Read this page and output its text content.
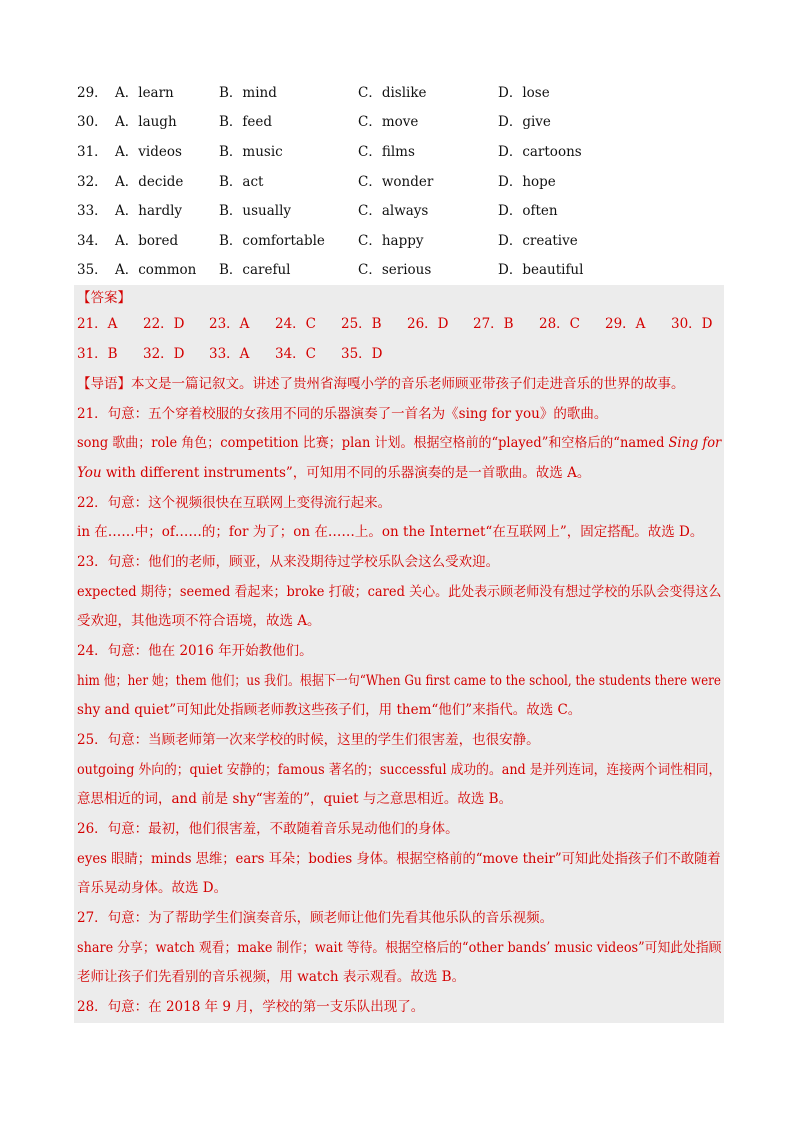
29． A．learn	B．mind	C．dislike	D．lose
30． A．laugh	B．feed	C．move	D．give
31． A．videos	B．music	C．films	D．cartoons
32． A．decide	B．act	C．wonder	D．hope
33． A．hardly	B．usually	C．always	D．often
34． A．bored	B．comfortable	C．happy	D．creative
35． A．common	B．careful	C．serious	D．beautiful
【答案】
21．A 22．D 23．A 24．C 25．B 26．D 27．B 28．C 29．A 30．D
31．B 32．D 33．A 34．C 35．D
【导语】本文是一篇记叙文。讲述了贵州省海嘎小学的音乐老师顾亚带孩子们走进音乐的世界的故事。
21．句意：五个穿着校服的女孩用不同的乐器演奏了一首名为《sing for you》的歌曲。
song 歌曲；role 角色；competition 比赛；plan 计划。根据空格前的“played”和空格后的“named Sing for
You with different instruments”，可知用不同的乐器演奏的是一首歌曲。故选 A。
22．句意：这个视频很快在互联网上变得流行起来。
in 在……中；of……的；for 为了；on 在……上。on the Internet“在互联网上”，固定搭配。故选 D。
23．句意：他们的老师，顾亚，从来没期待过学校乐队会这么受欢迎。
expected 期待；seemed 看起来；broke 打破；cared 关心。此处表示顾老师没有想过学校的乐队会变得这么
受欢迎，其他选项不符合语境，故选 A。
24．句意：他在 2016 年开始教他们。
him 他；her 她；them 他们；us 我们。根据下一句“When Gu first came to the school, the students there were
shy and quiet”可知此处指顾老师教这些孩子们，用 them“他们”来指代。故选 C。
25．句意：当顾老师第一次来学校的时候，这里的学生们很害羞，也很安静。
outgoing 外向的；quiet 安静的；famous 著名的；successful 成功的。and 是并列连词，连接两个词性相同，
意思相近的词，and 前是 shy“害羞的”，quiet 与之意思相近。故选 B。
26．句意：最初，他们很害羞，不敢随着音乐晃动他们的身体。
eyes 眼睛；minds 思维；ears 耳朵；bodies 身体。根据空格前的“move their”可知此处指孩子们不敢随着
音乐晃动身体。故选 D。
27．句意：为了帮助学生们演奏音乐，顾老师让他们先看其他乐队的音乐视频。
share 分享；watch 观看；make 制作；wait 等待。根据空格后的“other bands’ music videos”可知此处指顾
老师让孩子们先看别的音乐视频，用 watch 表示观看。故选 B。
28．句意：在 2018 年 9 月，学校的第一支乐队出现了。
